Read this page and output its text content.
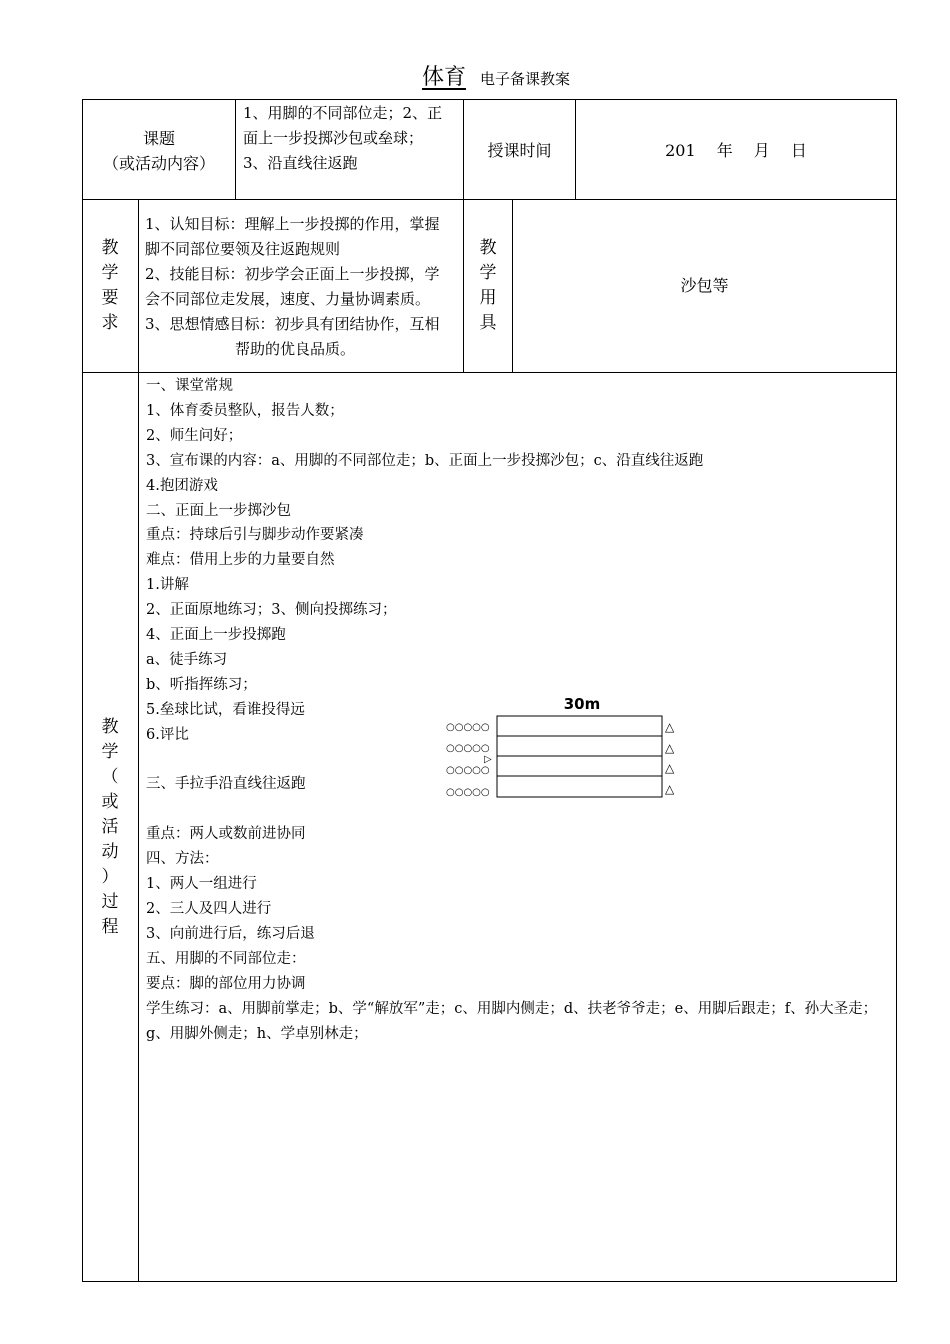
体育 电子备课教案
课题
（或活动内容）
1、用脚的不同部位走；2、正
面上一步投掷沙包或垒球；
3、沿直线往返跑
授课时间	201　 年　 月　 日
教
学
要
求
1、认知目标：理解上一步投掷的作用，掌握
脚不同部位要领及往返跑规则
2、技能目标：初步学会正面上一步投掷，学
会不同部位走发展，速度、力量协调素质。
3、思想情感目标：初步具有团结协作，互相
帮助的优良品质。
教
学
用
具
沙包等
教
学
（
或
活
动
）
过
程
一、课堂常规
1、体育委员整队，报告人数；
2、师生问好；
3、宣布课的内容：a、用脚的不同部位走；b、正面上一步投掷沙包；c、沿直线往返跑
4.抱团游戏
二、正面上一步掷沙包
重点：持球后引与脚步动作要紧凑
难点：借用上步的力量要自然
1.讲解
2、正面原地练习；3、侧向投掷练习；
4、正面上一步投掷跑
a、徒手练习
b、听指挥练习；
5.垒球比试，看谁投得远
6.评比
三、手拉手沿直线往返跑
重点：两人或数前进协同
四、方法：
1、两人一组进行
2、三人及四人进行
3、向前进行后，练习后退
五、用脚的不同部位走：
要点：脚的部位用力协调
学生练习：a、用脚前掌走；b、学“解放军”走；c、用脚内侧走；d、扶老爷爷走；e、用脚后跟走；f、孙大圣走；g、用脚外侧走；h、学卓别林走；
30m
○○○○○
○○○○○
○○○○○
○○○○○
▷
△
△
△
△
